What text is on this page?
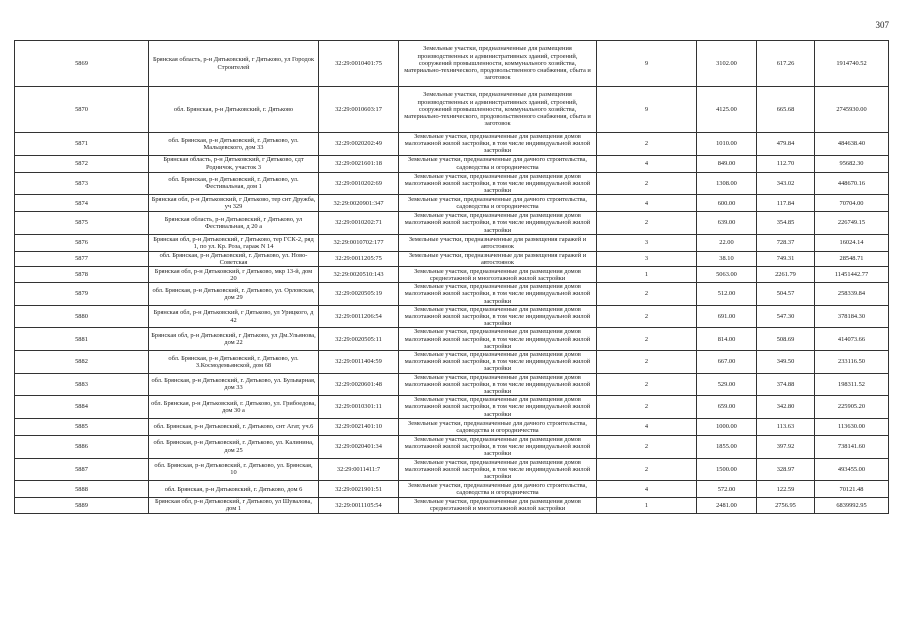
307
5869	Брянская область, р-н Дятьковский, г Дятьково, ул Городок Строителей	32:29:0010401:75	Земельные участки, предназначенные для размещения производственных и административных зданий, строений, сооружений промышленности, коммунального хозяйства, материально-технического, продовольственного снабжения, сбыта и заготовок	9	3102.00	617.26	1914740.52
5870	обл. Брянская, р-н Дятьковский, г. Дятьково	32:29:0010603:17	Земельные участки, предназначенные для размещения производственных и административных зданий, строений, сооружений промышленности, коммунального хозяйства, материально-технического, продовольственного снабжения, сбыта и заготовок	9	4125.00	665.68	2745930.00
5871	обл. Брянская, р-н Дятьковский, г. Дятьково, ул. Мальцевского, дом 33	32:29:0020202:49	Земельные участки, предназначенные для размещения домов малоэтажной жилой застройки, в том числе индивидуальной жилой застройки	2	1010.00	479.84	484638.40
5872	Брянская область, р-н Дятьковский, г Дятьково, сдт Родничок, участок 3	32:29:0021601:18	Земельные участки, предназначенные для дачного строительства, садоводства и огородничества	4	849.00	112.70	95682.30
5873	обл. Брянская, р-н Дятьковский, г. Дятьково, ул. Фестивальная, дом 1	32:29:0010202:69	Земельные участки, предназначенные для размещения домов малоэтажной жилой застройки, в том числе индивидуальной жилой застройки	2	1308.00	343.02	448670.16
5874	Брянская обл, р-н Дятьковский, г Дятьково, тер снт Дружба, уч 329	32:29:0020901:347	Земельные участки, предназначенные для дачного строительства, садоводства и огородничества	4	600.00	117.84	70704.00
5875	Брянская область, р-н Дятьковский, г Дятьково, ул Фестивальная, д 20 а	32:29:0010202:71	Земельные участки, предназначенные для размещения домов малоэтажной жилой застройки, в том числе индивидуальной жилой застройки	2	639.00	354.85	226749.15
5876	Брянская обл, р-н Дятьковский, г Дятьково, тер ГСК-2, ряд 1, по ул. Кр. Роза, гараж N 14	32:29:0010702:177	Земельные участки, предназначенные для размещения гаражей и автостоянок	3	22.00	728.37	16024.14
5877	обл. Брянская, р-н Дятьковский, г. Дятьково, ул. Ново-Советская	32:29:0011205:75	Земельные участки, предназначенные для размещения гаражей и автостоянок	3	38.10	749.31	28548.71
5878	Брянская обл, р-н Дятьковский, г Дятьково, мкр 13-й, дом 20	32:29:0020510:143	Земельные участки, предназначенные для размещения домов среднеэтажной и многоэтажной жилой застройки	1	5063.00	2261.79	11451442.77
5879	обл. Брянская, р-н Дятьковский, г. Дятьково, ул. Орловская, дом 29	32:29:0020505:19	Земельные участки, предназначенные для размещения домов малоэтажной жилой застройки, в том числе индивидуальной жилой застройки	2	512.00	504.57	258339.84
5880	Брянская обл, р-н Дятьковский, г Дятьково, ул Урицкого, д 42	32:29:0011206:54	Земельные участки, предназначенные для размещения домов малоэтажной жилой застройки, в том числе индивидуальной жилой застройки	2	691.00	547.30	378184.30
5881	Брянская обл, р-н Дятьковский, г Дятьково, ул Дм.Ульянова, дом 22	32:29:0020505:11	Земельные участки, предназначенные для размещения домов малоэтажной жилой застройки, в том числе индивидуальной жилой застройки	2	814.00	508.69	414073.66
5882	обл. Брянская, р-н Дятьковский, г. Дятьково, ул. З.Космодемьянской, дом 68	32:29:0011404:59	Земельные участки, предназначенные для размещения домов малоэтажной жилой застройки, в том числе индивидуальной жилой застройки	2	667.00	349.50	233116.50
5883	обл. Брянская, р-н Дятьковский, г. Дятьково, ул. Бульварная, дом 33	32:29:0020601:48	Земельные участки, предназначенные для размещения домов малоэтажной жилой застройки, в том числе индивидуальной жилой застройки	2	529.00	374.88	198311.52
5884	обл. Брянская, р-н Дятьковский, г. Дятьково, ул. Грибоедова, дом 30 а	32:29:0010301:11	Земельные участки, предназначенные для размещения домов малоэтажной жилой застройки, в том числе индивидуальной жилой застройки	2	659.00	342.80	225905.20
5885	обл. Брянская, р-н Дятьковский, г. Дятьково, снт Агат, уч.6	32:29:0021401:10	Земельные участки, предназначенные для дачного строительства, садоводства и огородничества	4	1000.00	113.63	113630.00
5886	обл. Брянская, р-н Дятьковский, г. Дятьково, ул. Калинина, дом 25	32:29:0020401:34	Земельные участки, предназначенные для размещения домов малоэтажной жилой застройки, в том числе индивидуальной жилой застройки	2	1855.00	397.92	738141.60
5887	обл. Брянская, р-н Дятьковский, г. Дятьково, ул. Брянская, 10	32:29:0011411:7	Земельные участки, предназначенные для размещения домов малоэтажной жилой застройки, в том числе индивидуальной жилой застройки	2	1500.00	328.97	493455.00
5888	обл. Брянская, р-н Дятьковский, г. Дятьково, дом 6	32:29:0021901:51	Земельные участки, предназначенные для дачного строительства, садоводства и огородничества	4	572.00	122.59	70121.48
5889	Брянская обл, р-н Дятьковский, г Дятьково, ул Шувалова, дом 1	32:29:0011105:54	Земельные участки, предназначенные для размещения домов среднеэтажной и многоэтажной жилой застройки	1	2481.00	2756.95	6839992.95
